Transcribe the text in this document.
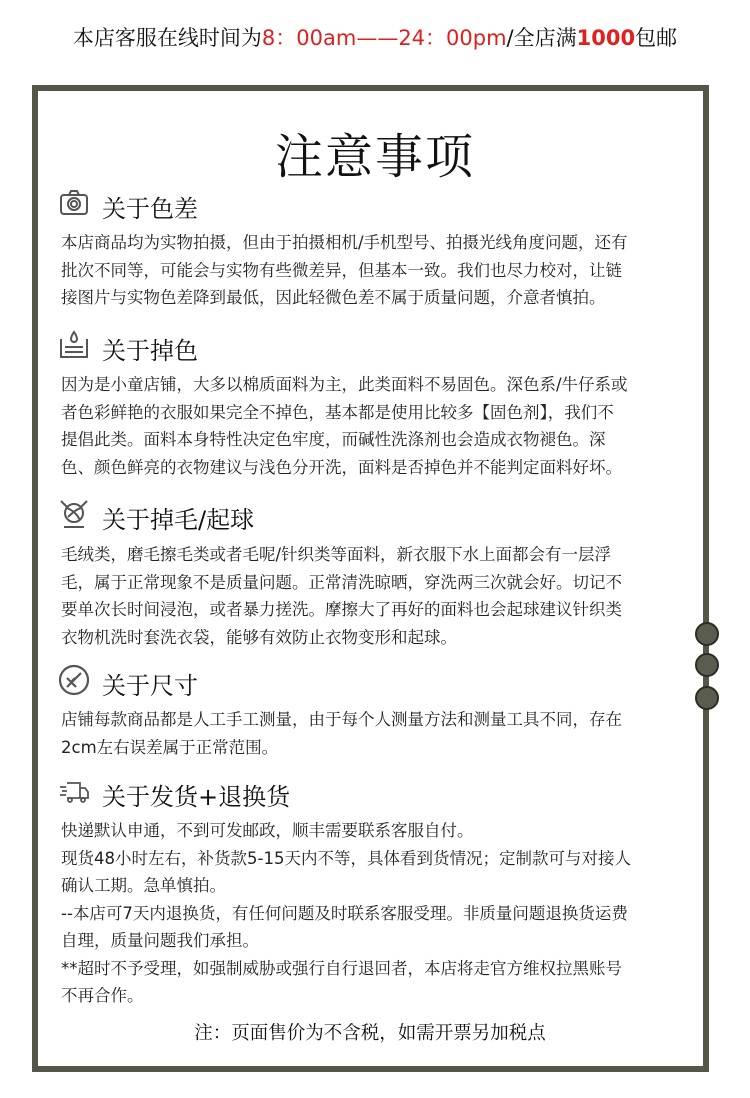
本店客服在线时间为8：00am——24：00pm/全店满1000包邮
注意事项
关于色差
本店商品均为实物拍摄，但由于拍摄相机/手机型号、拍摄光线角度问题，还有
批次不同等，可能会与实物有些微差异，但基本一致。我们也尽力校对，让链
接图片与实物色差降到最低，因此轻微色差不属于质量问题，介意者慎拍。
关于掉色
因为是小童店铺，大多以棉质面料为主，此类面料不易固色。深色系/牛仔系或
者色彩鲜艳的衣服如果完全不掉色，基本都是使用比较多【固色剂】，我们不
提倡此类。面料本身特性决定色牢度，而碱性洗涤剂也会造成衣物褪色。深
色、颜色鲜亮的衣物建议与浅色分开洗，面料是否掉色并不能判定面料好坏。
关于掉毛/起球
毛绒类，磨毛擦毛类或者毛呢/针织类等面料，新衣服下水上面都会有一层浮
毛，属于正常现象不是质量问题。正常清洗晾晒，穿洗两三次就会好。切记不
要单次长时间浸泡，或者暴力搓洗。摩擦大了再好的面料也会起球建议针织类
衣物机洗时套洗衣袋，能够有效防止衣物变形和起球。
关于尺寸
店铺每款商品都是人工手工测量，由于每个人测量方法和测量工具不同，存在
2cm左右误差属于正常范围。
关于发货+退换货
快递默认申通，不到可发邮政，顺丰需要联系客服自付。
现货48小时左右，补货款5-15天内不等，具体看到货情况；定制款可与对接人
确认工期。急单慎拍。
--本店可7天内退换货，有任何问题及时联系客服受理。非质量问题退换货运费
自理，质量问题我们承担。
**超时不予受理，如强制威胁或强行自行退回者，本店将走官方维权拉黑账号
不再合作。
注：页面售价为不含税，如需开票另加税点
